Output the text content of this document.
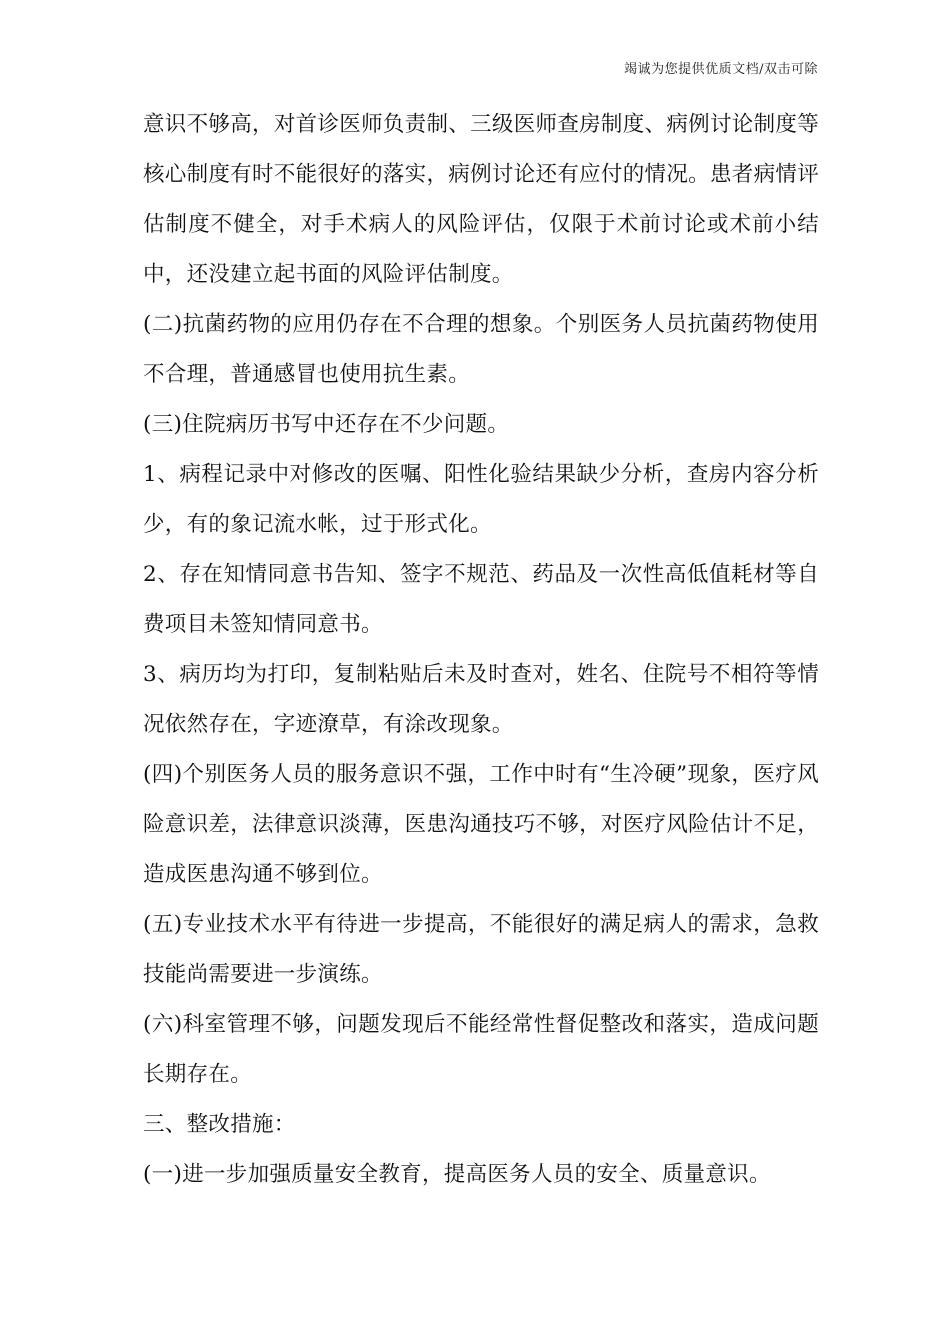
竭诚为您提供优质文档/双击可除

意识不够高，对首诊医师负责制、三级医师查房制度、病例讨论制度等核心制度有时不能很好的落实，病例讨论还有应付的情况。患者病情评估制度不健全，对手术病人的风险评估，仅限于术前讨论或术前小结中，还没建立起书面的风险评估制度。

(二)抗菌药物的应用仍存在不合理的想象。个别医务人员抗菌药物使用不合理，普通感冒也使用抗生素。

(三)住院病历书写中还存在不少问题。

1、病程记录中对修改的医嘱、阳性化验结果缺少分析，查房内容分析少，有的象记流水帐，过于形式化。

2、存在知情同意书告知、签字不规范、药品及一次性高低值耗材等自费项目未签知情同意书。

3、病历均为打印，复制粘贴后未及时查对，姓名、住院号不相符等情况依然存在，字迹潦草，有涂改现象。

(四)个别医务人员的服务意识不强，工作中时有“生冷硬”现象，医疗风险意识差，法律意识淡薄，医患沟通技巧不够，对医疗风险估计不足，造成医患沟通不够到位。

(五)专业技术水平有待进一步提高，不能很好的满足病人的需求，急救技能尚需要进一步演练。

(六)科室管理不够，问题发现后不能经常性督促整改和落实，造成问题长期存在。

三、整改措施：

(一)进一步加强质量安全教育，提高医务人员的安全、质量意识。
